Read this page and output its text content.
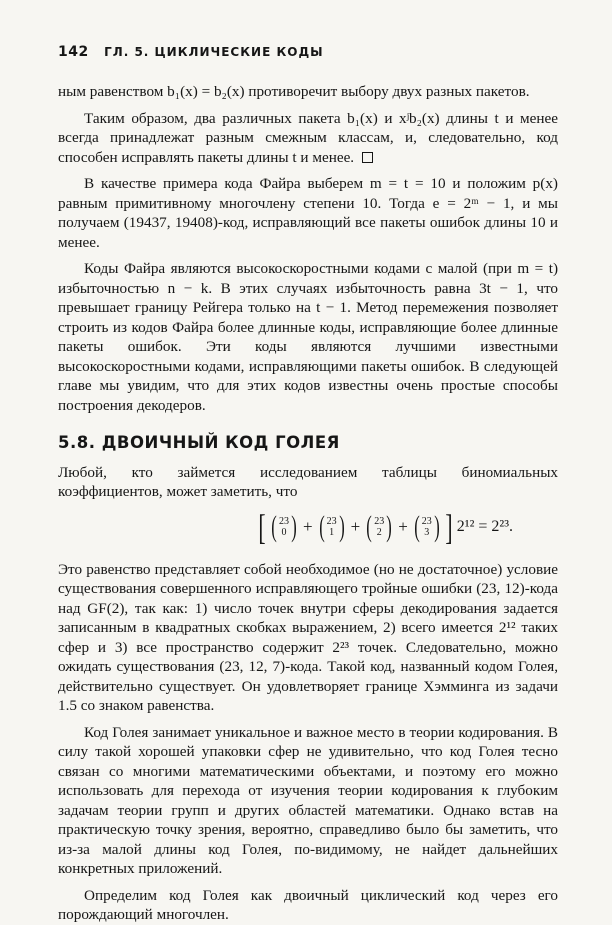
142 ГЛ. 5. ЦИКЛИЧЕСКИЕ КОДЫ

ным равенством b₁(x) = b₂(x) противоречит выбору двух разных пакетов.

Таким образом, два различных пакета b₁(x) и xʲb₂(x) длины t и менее всегда принадлежат разным смежным классам, и, следовательно, код способен исправлять пакеты длины t и менее.

В качестве примера кода Файра выберем m = t = 10 и положим p(x) равным примитивному многочлену степени 10. Тогда e = 2ᵐ − 1, и мы получаем (19437, 19408)-код, исправляющий все пакеты ошибок длины 10 и менее.

Коды Файра являются высокоскоростными кодами с малой (при m = t) избыточностью n − k. В этих случаях избыточность равна 3t − 1, что превышает границу Рейгера только на t − 1. Метод перемежения позволяет строить из кодов Файра более длинные коды, исправляющие более длинные пакеты ошибок. Эти коды являются лучшими известными высокоскоростными кодами, исправляющими пакеты ошибок. В следующей главе мы увидим, что для этих кодов известны очень простые способы построения декодеров.

5.8. ДВОИЧНЫЙ КОД ГОЛЕЯ

Любой, кто займется исследованием таблицы биномиальных коэффициентов, может заметить, что

[ ( 23
0 ) + ( 23
1 ) + ( 23
2 ) + ( 23
3 ) ] 2¹² = 2²³.

Это равенство представляет собой необходимое (но не достаточное) условие существования совершенного исправляющего тройные ошибки (23, 12)-кода над GF(2), так как: 1) число точек внутри сферы декодирования задается записанным в квадратных скобках выражением, 2) всего имеется 2¹² таких сфер и 3) все пространство содержит 2²³ точек. Следовательно, можно ожидать существования (23, 12, 7)-кода. Такой код, названный кодом Голея, действительно существует. Он удовлетворяет границе Хэмминга из задачи 1.5 со знаком равенства.

Код Голея занимает уникальное и важное место в теории кодирования. В силу такой хорошей упаковки сфер не удивительно, что код Голея тесно связан со многими математическими объектами, и поэтому его можно использовать для перехода от изучения теории кодирования к глубоким задачам теории групп и других областей математики. Однако встав на практическую точку зрения, вероятно, справедливо было бы заметить, что из-за малой длины код Голея, по-видимому, не найдет дальнейших конкретных приложений.

Определим код Голея как двоичный циклический код через его порождающий многочлен.
